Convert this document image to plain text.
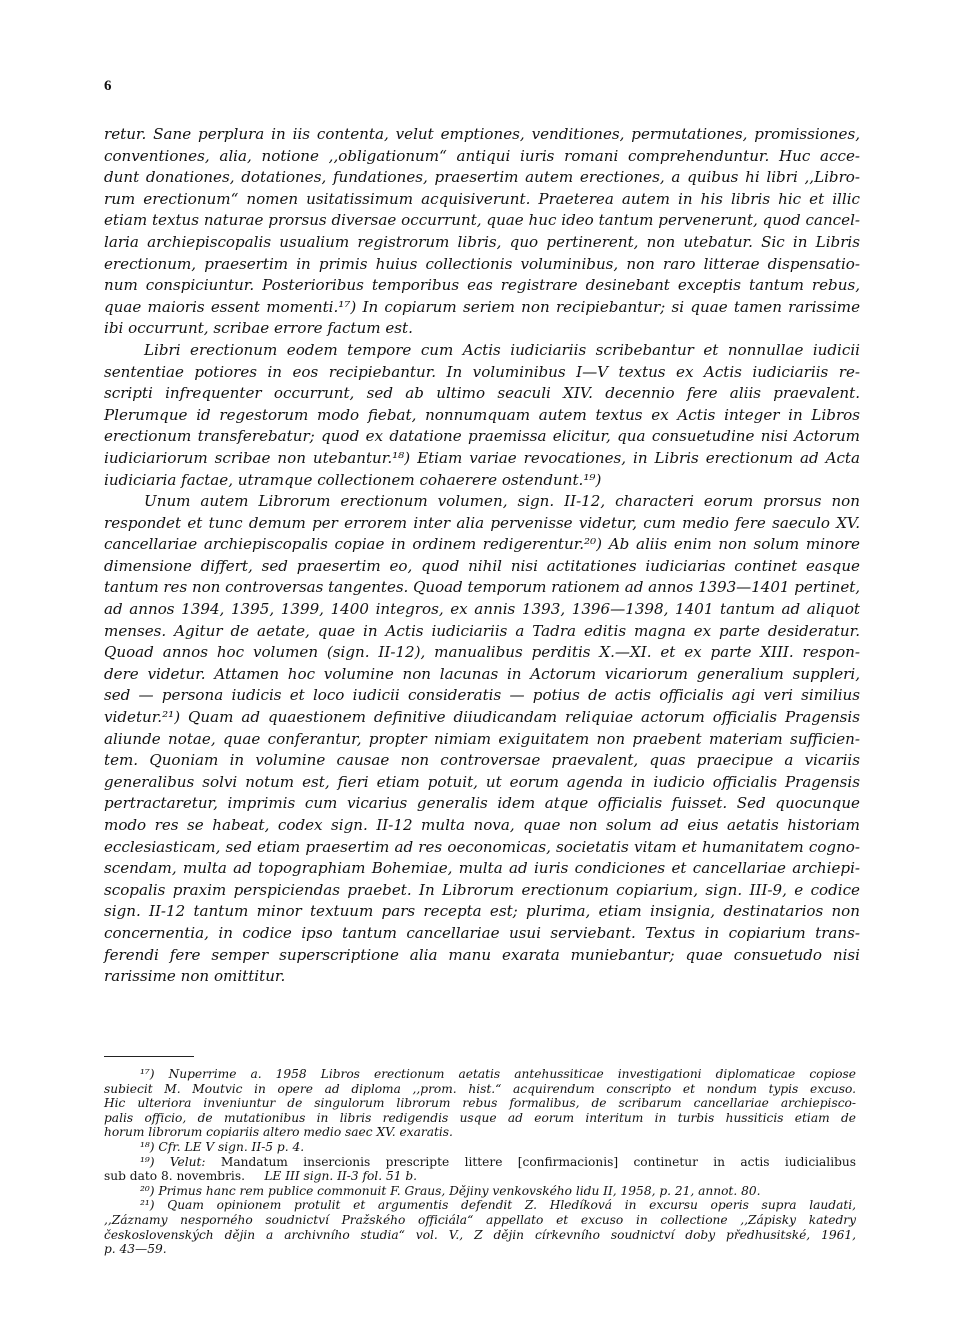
6
retur. Sane perplura in iis contenta, velut emptiones, venditiones, permutationes, promissiones,
conventiones, alia, notione ,,obligationum“ antiqui iuris romani comprehenduntur. Huc acce-
dunt donationes, dotationes, fundationes, praesertim autem erectiones, a quibus hi libri ,,Libro-
rum erectionum“ nomen usitatissimum acquisiverunt. Praeterea autem in his libris hic et illic
etiam textus naturae prorsus diversae occurrunt, quae huc ideo tantum pervenerunt, quod cancel-
laria archiepiscopalis usualium registrorum libris, quo pertinerent, non utebatur. Sic in Libris
erectionum, praesertim in primis huius collectionis voluminibus, non raro litterae dispensatio-
num conspiciuntur. Posterioribus temporibus eas registrare desinebant exceptis tantum rebus,
quae maioris essent momenti.¹⁷) In copiarum seriem non recipiebantur; si quae tamen rarissime
ibi occurrunt, scribae errore factum est.
Libri erectionum eodem tempore cum Actis iudiciariis scribebantur et nonnullae iudicii
sententiae potiores in eos recipiebantur. In voluminibus I—V textus ex Actis iudiciariis re-
scripti infrequenter occurrunt, sed ab ultimo seaculi XIV. decennio fere aliis praevalent.
Plerumque id regestorum modo fiebat, nonnumquam autem textus ex Actis integer in Libros
erectionum transferebatur; quod ex datatione praemissa elicitur, qua consuetudine nisi Actorum
iudiciariorum scribae non utebantur.¹⁸) Etiam variae revocationes, in Libris erectionum ad Acta
iudiciaria factae, utramque collectionem cohaerere ostendunt.¹⁹)
Unum autem Librorum erectionum volumen, sign. II-12, characteri eorum prorsus non
respondet et tunc demum per errorem inter alia pervenisse videtur, cum medio fere saeculo XV.
cancellariae archiepiscopalis copiae in ordinem redigerentur.²⁰) Ab aliis enim non solum minore
dimensione differt, sed praesertim eo, quod nihil nisi actitationes iudiciarias continet easque
tantum res non controversas tangentes. Quoad temporum rationem ad annos 1393—1401 pertinet,
ad annos 1394, 1395, 1399, 1400 integros, ex annis 1393, 1396—1398, 1401 tantum ad aliquot
menses. Agitur de aetate, quae in Actis iudiciariis a Tadra editis magna ex parte desideratur.
Quoad annos hoc volumen (sign. II-12), manualibus perditis X.—XI. et ex parte XIII. respon-
dere videtur. Attamen hoc volumine non lacunas in Actorum vicariorum generalium suppleri,
sed — persona iudicis et loco iudicii consideratis — potius de actis officialis agi veri similius
videtur.²¹) Quam ad quaestionem definitive diiudicandam reliquiae actorum officialis Pragensis
aliunde notae, quae conferantur, propter nimiam exiguitatem non praebent materiam sufficien-
tem. Quoniam in volumine causae non controversae praevalent, quas praecipue a vicariis
generalibus solvi notum est, fieri etiam potuit, ut eorum agenda in iudicio officialis Pragensis
pertractaretur, imprimis cum vicarius generalis idem atque officialis fuisset. Sed quocunque
modo res se habeat, codex sign. II-12 multa nova, quae non solum ad eius aetatis historiam
ecclesiasticam, sed etiam praesertim ad res oeconomicas, societatis vitam et humanitatem cogno-
scendam, multa ad topographiam Bohemiae, multa ad iuris condiciones et cancellariae archiepi-
scopalis praxim perspiciendas praebet. In Librorum erectionum copiarium, sign. III-9, e codice
sign. II-12 tantum minor textuum pars recepta est; plurima, etiam insignia, destinatarios non
concernentia, in codice ipso tantum cancellariae usui serviebant. Textus in copiarium trans-
ferendi fere semper superscriptione alia manu exarata muniebantur; quae consuetudo nisi
rarissime non omittitur.
¹⁷) Nuperrime a. 1958 Libros erectionum aetatis antehussiticae investigationi diplomaticae copiose
subiecit M. Moutvic in opere ad diploma ,,prom. hist.“ acquirendum conscripto et nondum typis excuso.
Hic ulteriora inveniuntur de singulorum librorum rebus formalibus, de scribarum cancellariae archiepisco-
palis officio, de mutationibus in libris redigendis usque ad eorum interitum in turbis hussiticis etiam de
horum librorum copiariis altero medio saec XV. exaratis.
¹⁸) Cfr. LE V sign. II-5 p. 4.
¹⁹) Velut: Mandatum insercionis prescripte littere [confirmacionis] continetur in actis iudicialibus
sub dato 8. novembris. LE III sign. II-3 fol. 51 b.
²⁰) Primus hanc rem publice commonuit F. Graus, Dějiny venkovského lidu II, 1958, p. 21, annot. 80.
²¹) Quam opinionem protulit et argumentis defendit Z. Hledíková in excursu operis supra laudati,
,,Záznamy nesporného soudnictví Pražského officiála“ appellato et excuso in collectione ,,Zápisky katedry
československých dějin a archivního studia“ vol. V., Z dějin církevního soudnictví doby předhusitské, 1961,
p. 43—59.
